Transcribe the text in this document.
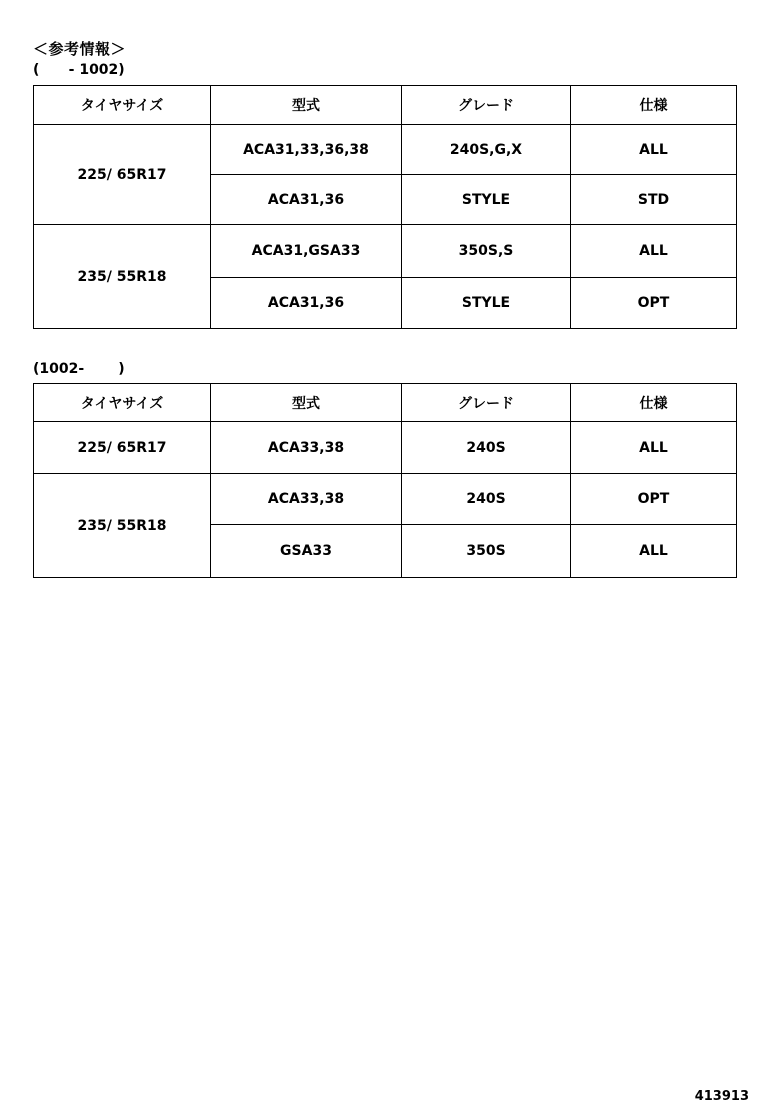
＜参考情報＞
(      - 1002)
タイヤサイズ	型式	グレード	仕様
225/ 65R17	ACA31,33,36,38	240S,G,X	ALL
	ACA31,36	STYLE	STD
235/ 55R18	ACA31,GSA33	350S,S	ALL
	ACA31,36	STYLE	OPT
(1002-       )
タイヤサイズ	型式	グレード	仕様
225/ 65R17	ACA33,38	240S	ALL
235/ 55R18	ACA33,38	240S	OPT
	GSA33	350S	ALL
413913
